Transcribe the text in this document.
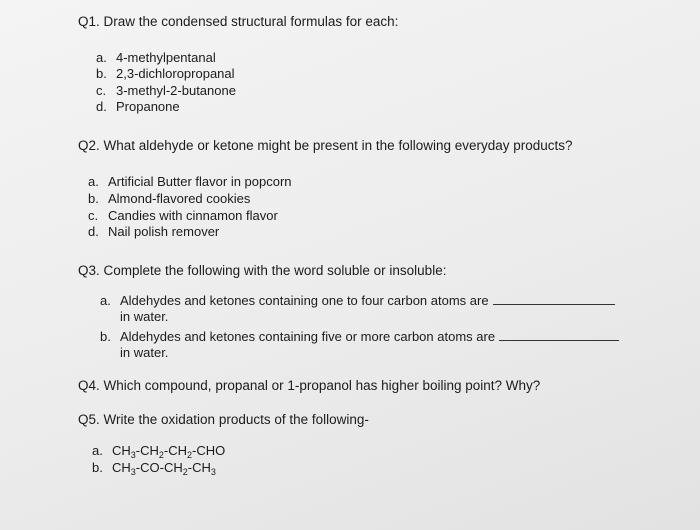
Q1. Draw the condensed structural formulas for each:
a. 4-methylpentanal
b. 2,3-dichloropropanal
c. 3-methyl-2-butanone
d. Propanone
Q2. What aldehyde or ketone might be present in the following everyday products?
a. Artificial Butter flavor in popcorn
b. Almond-flavored cookies
c. Candies with cinnamon flavor
d. Nail polish remover
Q3. Complete the following with the word soluble or insoluble:
a. Aldehydes and ketones containing one to four carbon atoms are
in water.
b. Aldehydes and ketones containing five or more carbon atoms are
in water.
Q4. Which compound, propanal or 1-propanol has higher boiling point? Why?
Q5. Write the oxidation products of the following-
a. $CH_3-CH_2-CH_2$-CHO
b. $CH_3-CO-CH_2-CH_3$
